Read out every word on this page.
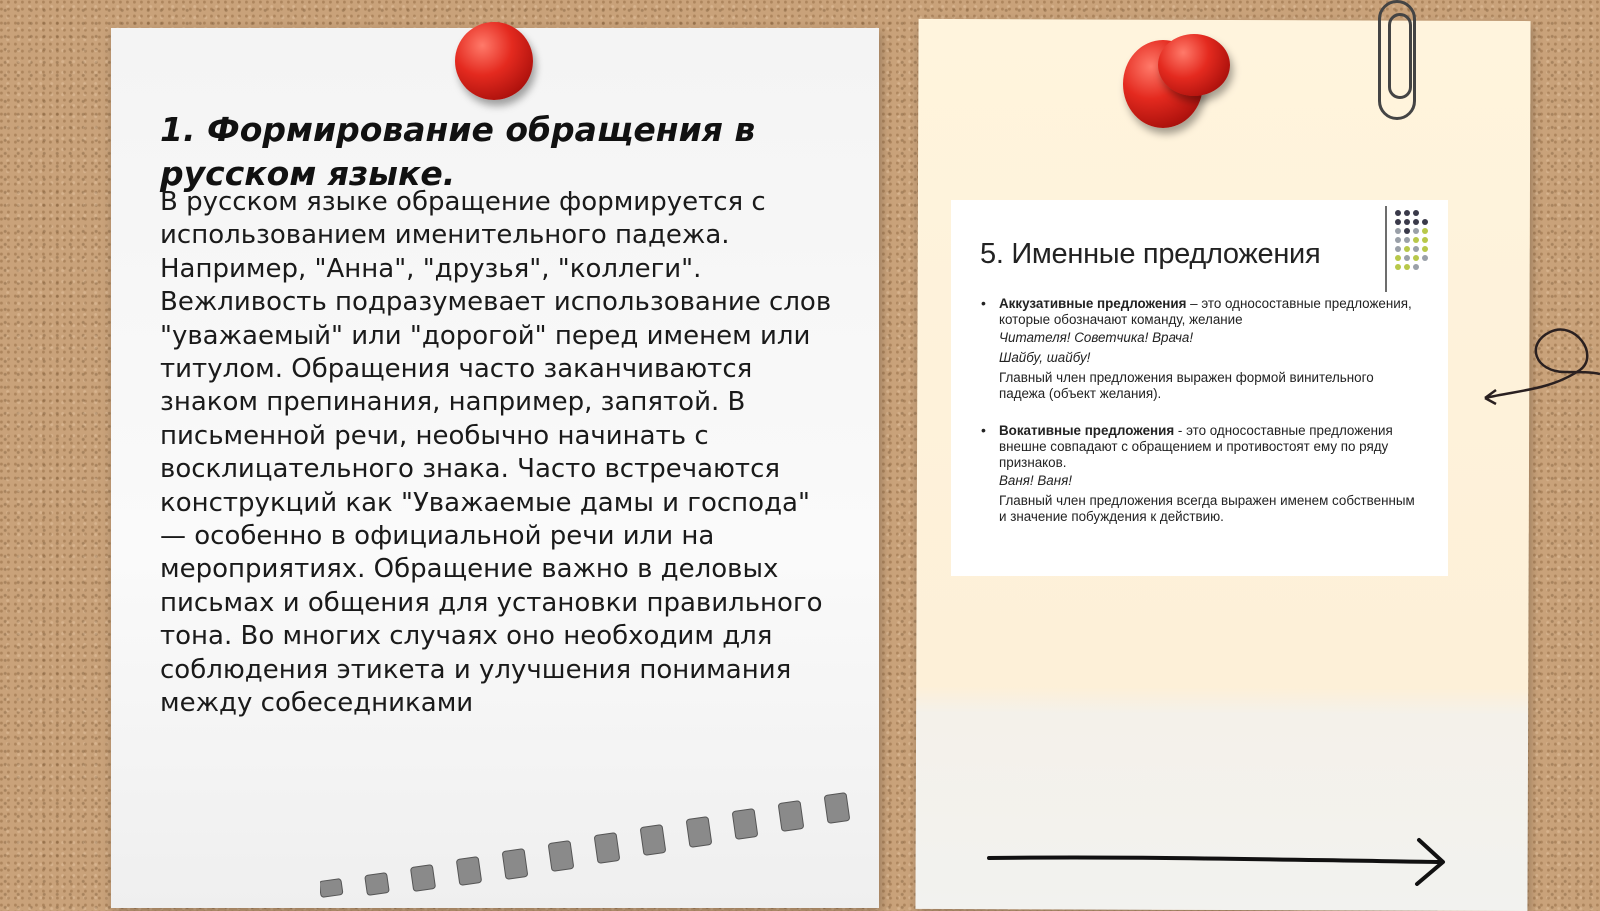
1. Формирование обращения в русском языке.

В русском языке обращение формируется с использованием именительного падежа. Например, "Анна", "друзья", "коллеги". Вежливость подразумевает использование слов "уважаемый" или "дорогой" перед именем или титулом. Обращения часто заканчиваются знаком препинания, например, запятой. В письменной речи, необычно начинать с восклицательного знака. Часто встречаются конструкций как "Уважаемые дамы и господа" — особенно в официальной речи или на мероприятиях. Обращение важно в деловых письмах и общения для установки правильного тона. Во многих случаях оно необходим для соблюдения этикета и улучшения понимания между собеседниками

5. Именные предложения
• Аккузативные предложения – это односоставные предложения, которые обозначают команду, желание

Читателя! Советчика! Врача!

Шайбу, шайбу!

Главный член предложения выражен формой винительного падежа (объект желания).

• Вокативные предложения - это односоставные предложения внешне совпадают с обращением и противостоят ему по ряду признаков.

Ваня! Ваня!

Главный член предложения всегда выражен именем собственным и значение побуждения к действию.
